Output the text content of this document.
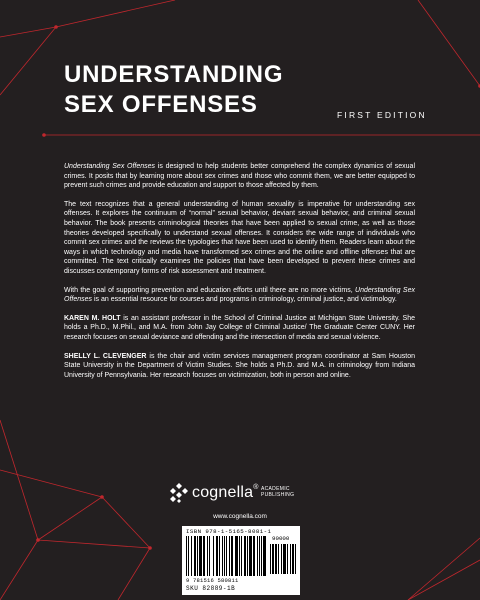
UNDERSTANDING
SEX OFFENSES	FIRST EDITION

Understanding Sex Offenses is designed to help students better comprehend the complex dynamics of sexual crimes. It posits that by learning more about sex crimes and those who commit them, we are better equipped to prevent such crimes and provide education and support to those affected by them.

The text recognizes that a general understanding of human sexuality is imperative for understanding sex offenses. It explores the continuum of “normal” sexual behavior, deviant sexual behavior, and criminal sexual behavior. The book presents criminological theories that have been applied to sexual crime, as well as those theories developed specifically to understand sexual offenses. It considers the wide range of individuals who commit sex crimes and the reviews the typologies that have been used to identify them. Readers learn about the ways in which technology and media have transformed sex crimes and the online and offline offenses that are committed. The text critically examines the policies that have been developed to prevent these crimes and discusses contemporary forms of risk assessment and treatment.

With the goal of supporting prevention and education efforts until there are no more victims, Understanding Sex Offenses is an essential resource for courses and programs in criminology, criminal justice, and victimology.

KAREN M. HOLT is an assistant professor in the School of Criminal Justice at Michigan State University. She holds a Ph.D., M.Phil., and M.A. from John Jay College of Criminal Justice/ The Graduate Center CUNY. Her research focuses on sexual deviance and offending and the intersection of media and sexual violence.

SHELLY L. CLEVENGER is the chair and victim services management program coordinator at Sam Houston State University in the Department of Victim Studies. She holds a Ph.D. and M.A. in criminology from Indiana University of Pennsylvania. Her research focuses on victimization, both in person and online.

cognella® ACADEMIC
PUBLISHING
www.cognella.com
ISBN 978-1-5165-8081-1
90000
9 781516 580811
SKU 82889-1B
